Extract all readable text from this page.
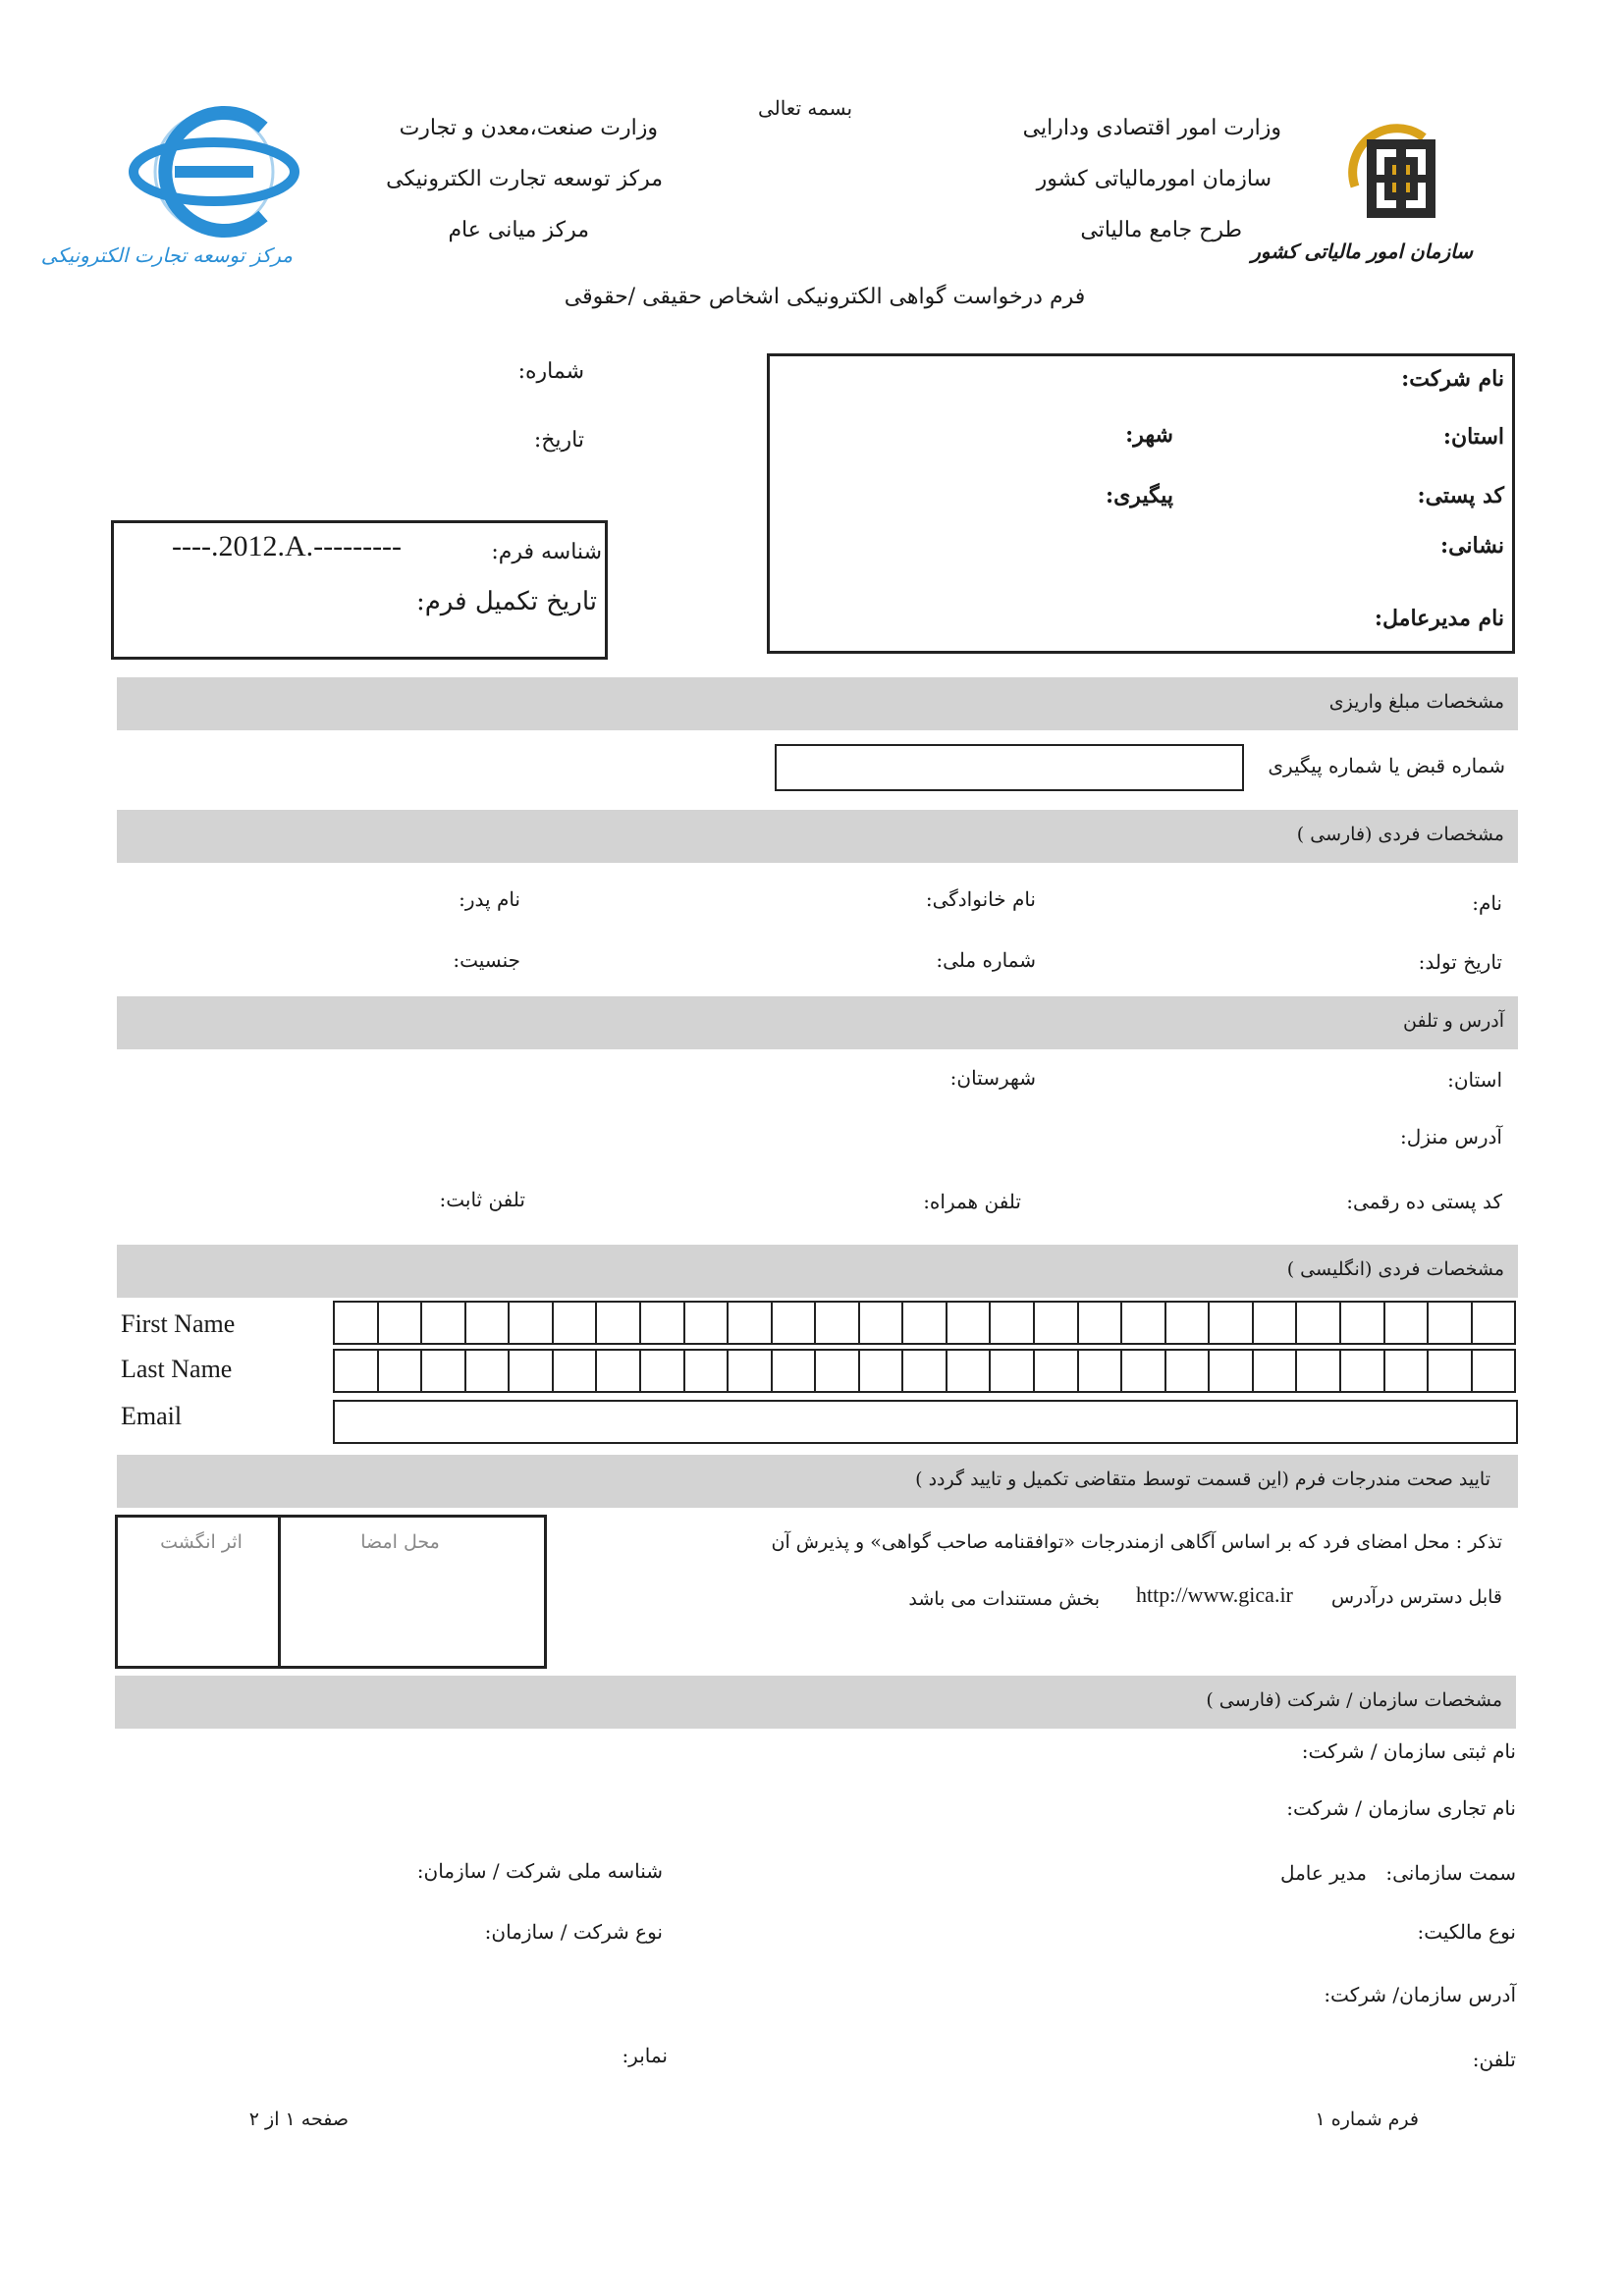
مرکز توسعه تجارت الکترونیکی
وزارت صنعت،معدن و تجارت
مرکز توسعه تجارت الکترونیکی
مرکز میانی عام
بسمه تعالی
وزارت امور اقتصادی ودارایی
سازمان امورمالیاتی کشور
طرح جامع مالیاتی
سازمان امور مالیاتی کشور
فرم درخواست گواهی الکترونیکی اشخاص حقیقی /حقوقی
نام شرکت:
استان:
شهر:
کد پستی:
پیگیری:
نشانی:
نام مدیرعامل:
شماره:
تاریخ:
شناسه فرم:
----.2012.A.---------
تاریخ تکمیل فرم:
مشخصات مبلغ واریزی
شماره قبض یا شماره پیگیری
مشخصات فردی (فارسی )
نام:
نام خانوادگی:
نام پدر:
تاریخ تولد:
شماره ملی:
جنسیت:
آدرس و تلفن
استان:
شهرستان:
آدرس منزل:
کد پستی ده رقمی:
تلفن همراه:
تلفن ثابت:
مشخصات فردی (انگلیسی )
First Name
Last Name
Email
تایید صحت مندرجات فرم (این قسمت توسط متقاضی تکمیل و تایید گردد )
تذکر : محل امضای فرد که بر اساس آگاهی ازمندرجات «توافقنامه صاحب گواهی» و پذیرش آن
قابل دسترس درآدرس
http://www.gica.ir
بخش مستندات می باشد
محل امضا
اثر انگشت
مشخصات سازمان / شرکت (فارسی )
نام ثبتی سازمان / شرکت:
نام تجاری سازمان / شرکت:
سمت سازمانی:
مدیر عامل
شناسه ملی شرکت / سازمان:
نوع مالکیت:
نوع شرکت / سازمان:
آدرس سازمان/ شرکت:
تلفن:
نمابر:
فرم شماره ۱
صفحه ۱ از ۲
